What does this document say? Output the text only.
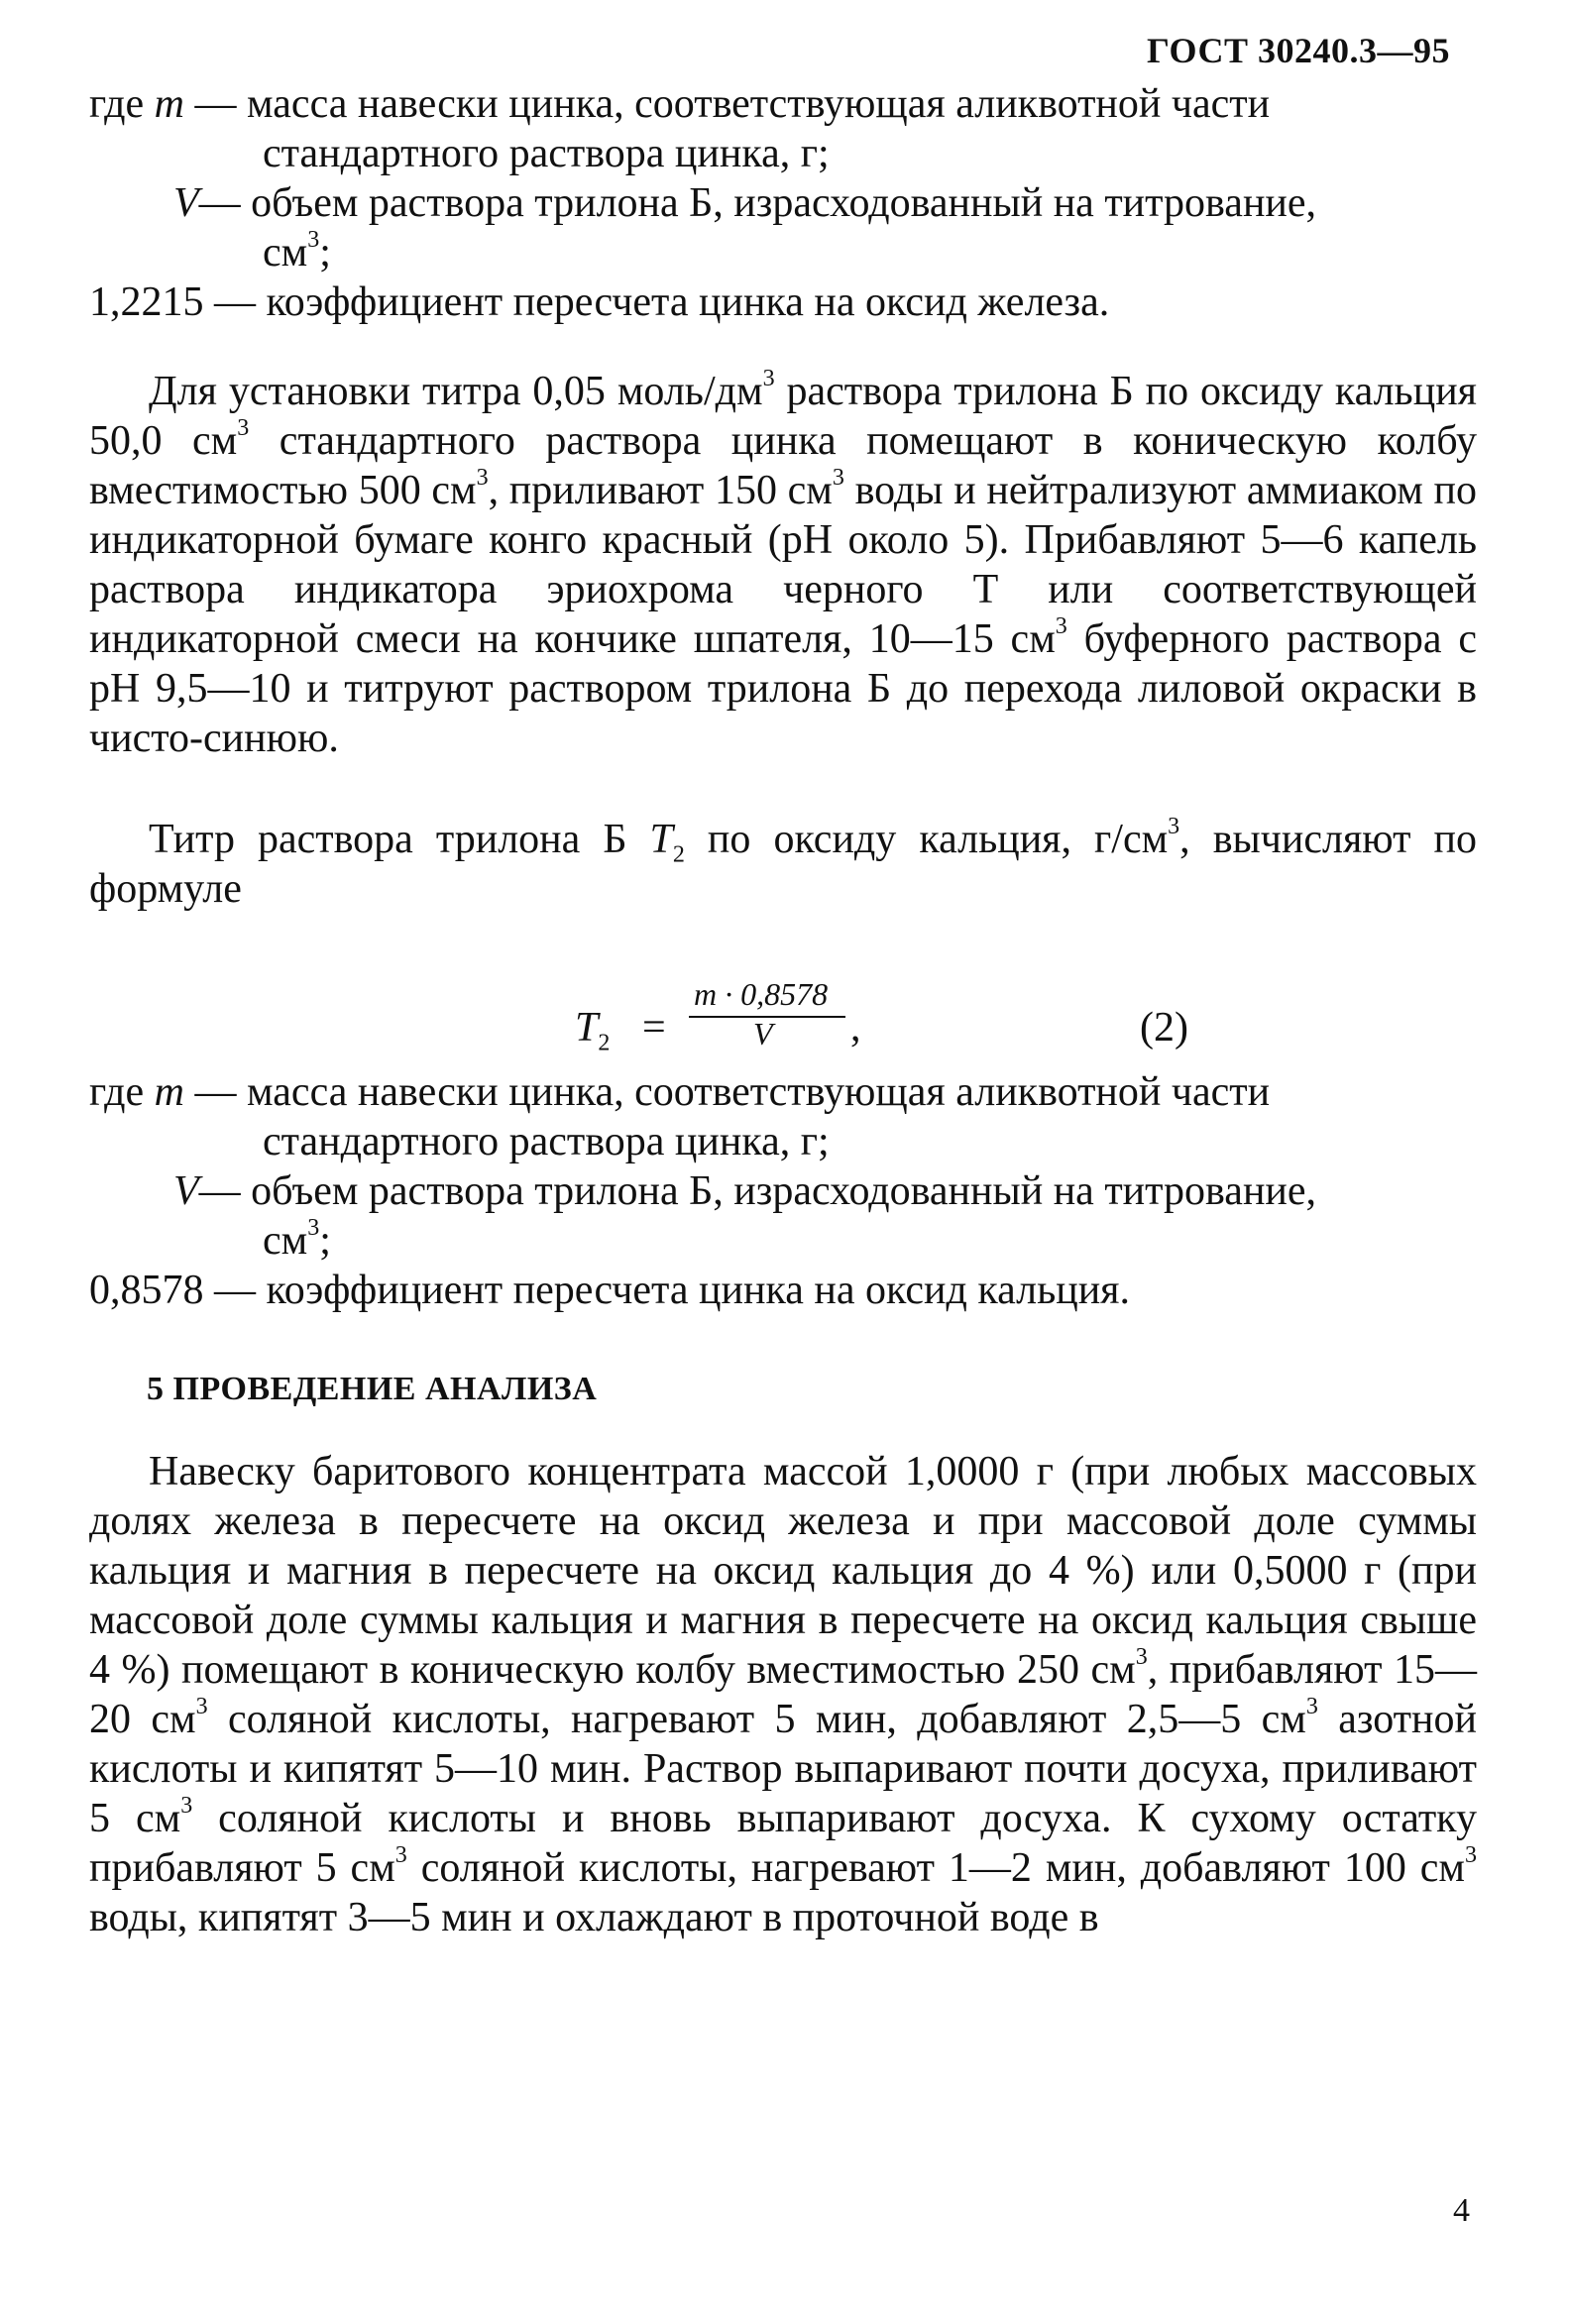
ГОСТ 30240.3—95
где m — масса навески цинка, соответствующая аликвотной части
стандартного раствора цинка, г;
V— объем раствора трилона Б, израсходованный на титрование,
$см^3$;
1,2215 — коэффициент пересчета цинка на оксид железа.

Для установки титра 0,05 моль/$дм^3$ раствора трилона Б по оксиду кальция 50,0 $см^3$ стандартного раствора цинка помещают в коническую колбу вместимостью 500 $см^3$, приливают 150 $см^3$ воды и нейтрализуют аммиаком по индикаторной бумаге конго красный (pH около 5). Прибавляют 5—6 капель раствора индикатора эриохрома черного Т или соответствующей индикаторной смеси на кончике шпателя, 10—15 $см^3$ буферного раствора с pH 9,5—10 и титруют раствором трилона Б до перехода лиловой окраски в чисто-синюю.

Титр раствора трилона Б $T_2$ по оксиду кальция, $г/см^3$, вычисляют по формуле

$T_2$ =
m · 0,8578
V ,	(2)
где m — масса навески цинка, соответствующая аликвотной части
стандартного раствора цинка, г;
V— объем раствора трилона Б, израсходованный на титрование,
$см^3$;
0,8578 — коэффициент пересчета цинка на оксид кальция.
5 ПРОВЕДЕНИЕ АНАЛИЗА

Навеску баритового концентрата массой 1,0000 г (при любых массовых долях железа в пересчете на оксид железа и при массовой доле суммы кальция и магния в пересчете на оксид кальция до 4 %) или 0,5000 г (при массовой доле суммы кальция и магния в пересчете на оксид кальция свыше 4 %) помещают в коническую колбу вместимостью 250 $см^3$, прибавляют 15—20 $см^3$ соляной кислоты, нагревают 5 мин, добавляют 2,5—5 $см^3$ азотной кислоты и кипятят 5—10 мин. Раствор выпаривают почти досуха, приливают 5 $см^3$ соляной кислоты и вновь выпаривают досуха. К сухому остатку прибавляют 5 $см^3$ соляной кислоты, нагревают 1—2 мин, добавляют 100 $см^3$ воды, кипятят 3—5 мин и охлаждают в проточной воде в

4
